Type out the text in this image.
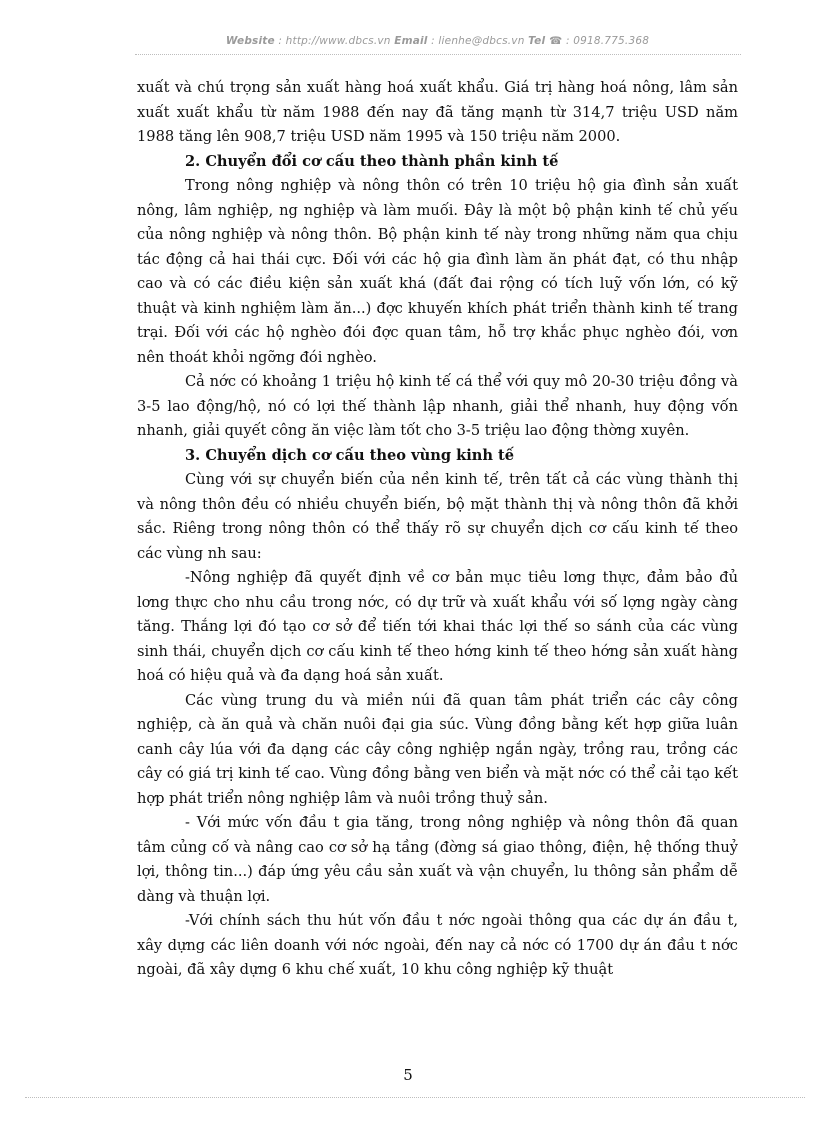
Website : http://www.dbcs.vn Email : lienhe@dbcs.vn Tel ☎ : 0918.775.368

xuất và chú trọng sản xuất hàng hoá xuất khẩu. Giá trị hàng hoá nông, lâm sản xuất xuất khẩu từ năm 1988 đến nay đã tăng mạnh từ 314,7 triệu USD năm 1988 tăng lên 908,7 triệu USD năm 1995 và 150 triệu năm 2000.

2. Chuyển đổi cơ cấu theo thành phần kinh tế

Trong nông nghiệp và nông thôn có trên 10 triệu hộ gia đình sản xuất nông, lâm nghiệp, ng nghiệp và làm muối. Đây là một bộ phận kinh tế chủ yếu của nông nghiệp và nông thôn. Bộ phận kinh tế này trong những năm qua chịu tác động cả hai thái cực. Đối với các hộ gia đình làm ăn phát đạt, có thu nhập cao và có các điều kiện sản xuất khá (đất đai rộng có tích luỹ vốn lớn, có kỹ thuật và kinh nghiệm làm ăn...) đợc khuyến khích phát triển thành kinh tế trang trại. Đối với các hộ nghèo đói đợc quan tâm, hỗ trợ khắc phục nghèo đói, vơn nên thoát khỏi ngỡng đói nghèo.

Cả nớc có khoảng 1 triệu hộ kinh tế cá thể với quy mô 20-30 triệu đồng và 3-5 lao động/hộ, nó có lợi thế thành lập nhanh, giải thể nhanh, huy động vốn nhanh, giải quyết công ăn việc làm tốt cho 3-5 triệu lao động thờng xuyên.

3. Chuyển dịch cơ cấu theo vùng kinh tế

Cùng với sự chuyển biến của nền kinh tế, trên tất cả các vùng thành thị và nông thôn đều có nhiều chuyển biến, bộ mặt thành thị và nông thôn đã khởi sắc. Riêng trong nông thôn có thể thấy rõ sự chuyển dịch cơ cấu kinh tế theo các vùng nh sau:

-Nông nghiệp đã quyết định về cơ bản mục tiêu lơng thực, đảm bảo đủ lơng thực cho nhu cầu trong nớc, có dự trữ và xuất khẩu với số lợng ngày càng tăng. Thắng lợi đó tạo cơ sở để tiến tới khai thác lợi thế so sánh của các vùng sinh thái, chuyển dịch cơ cấu kinh tế theo hớng kinh tế theo hớng sản xuất hàng hoá có hiệu quả và đa dạng hoá sản xuất.

Các vùng trung du và miền núi đã quan tâm phát triển các cây công nghiệp, cà ăn quả và chăn nuôi đại gia súc. Vùng đồng bằng kết hợp giữa luân canh cây lúa với đa dạng các cây công nghiệp ngắn ngày, trồng rau, trồng các cây có giá trị kinh tế cao. Vùng đồng bằng ven biển và mặt nớc có thể cải tạo kết hợp phát triển nông nghiệp lâm và nuôi trồng thuỷ sản.

- Với mức vốn đầu t gia tăng, trong nông nghiệp và nông thôn đã quan tâm củng cố và nâng cao cơ sở hạ tầng (đờng sá giao thông, điện, hệ thống thuỷ lợi, thông tin...) đáp ứng yêu cầu sản xuất và vận chuyển, lu thông sản phẩm dễ dàng và thuận lợi.

-Với chính sách thu hút vốn đầu t nớc ngoài thông qua các dự án đầu t, xây dựng các liên doanh với nớc ngoài, đến nay cả nớc có 1700 dự án đầu t nớc ngoài, đã xây dựng 6 khu chế xuất, 10 khu công nghiệp kỹ thuật

5
